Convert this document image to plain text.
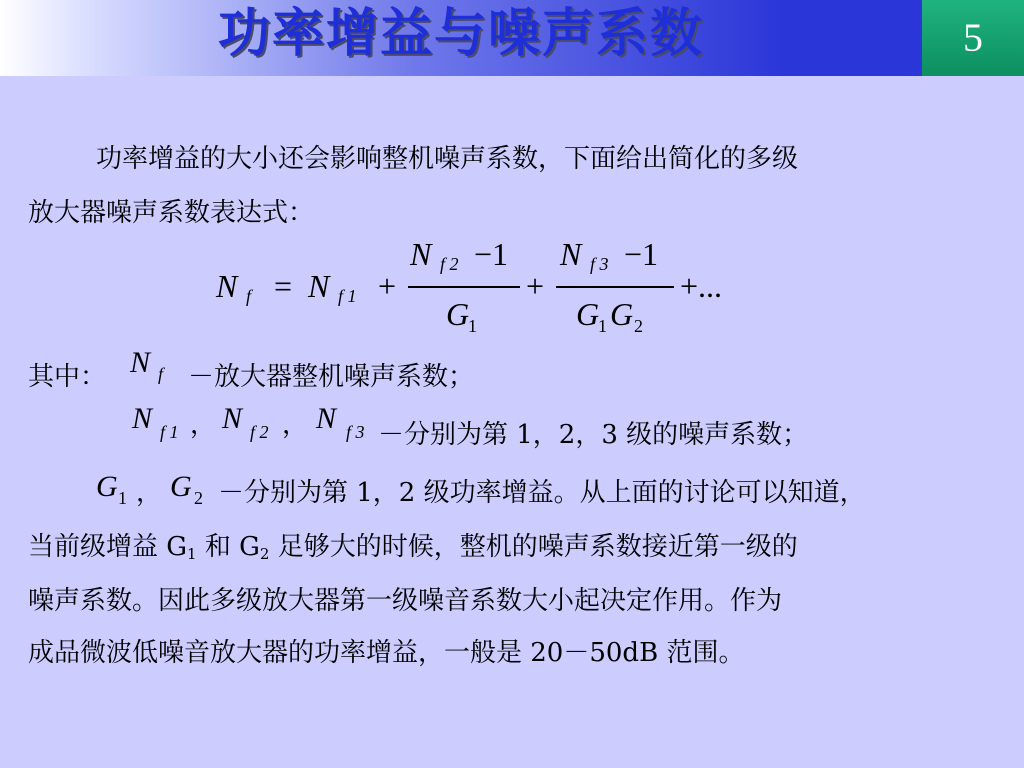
功率增益与噪声系数	5
功率增益的大小还会影响整机噪声系数，下面给出简化的多级
放大器噪声系数表达式：
N f = N f 1 +
N f 2 −1
G
1
+
N f 3 −1
G
1 G 2
+...
其中： N f －放大器整机噪声系数；
N f 1 ， N f 2 ， N f 3 －分别为第 1，2，3 级的噪声系数；
G 1 ， G 2 －分别为第 1，2 级功率增益。从上面的讨论可以知道，
当前级增益 G1 和 G2 足够大的时候，整机的噪声系数接近第一级的
噪声系数。因此多级放大器第一级噪音系数大小起决定作用。作为
成品微波低噪音放大器的功率增益，一般是 20－50dB 范围。
